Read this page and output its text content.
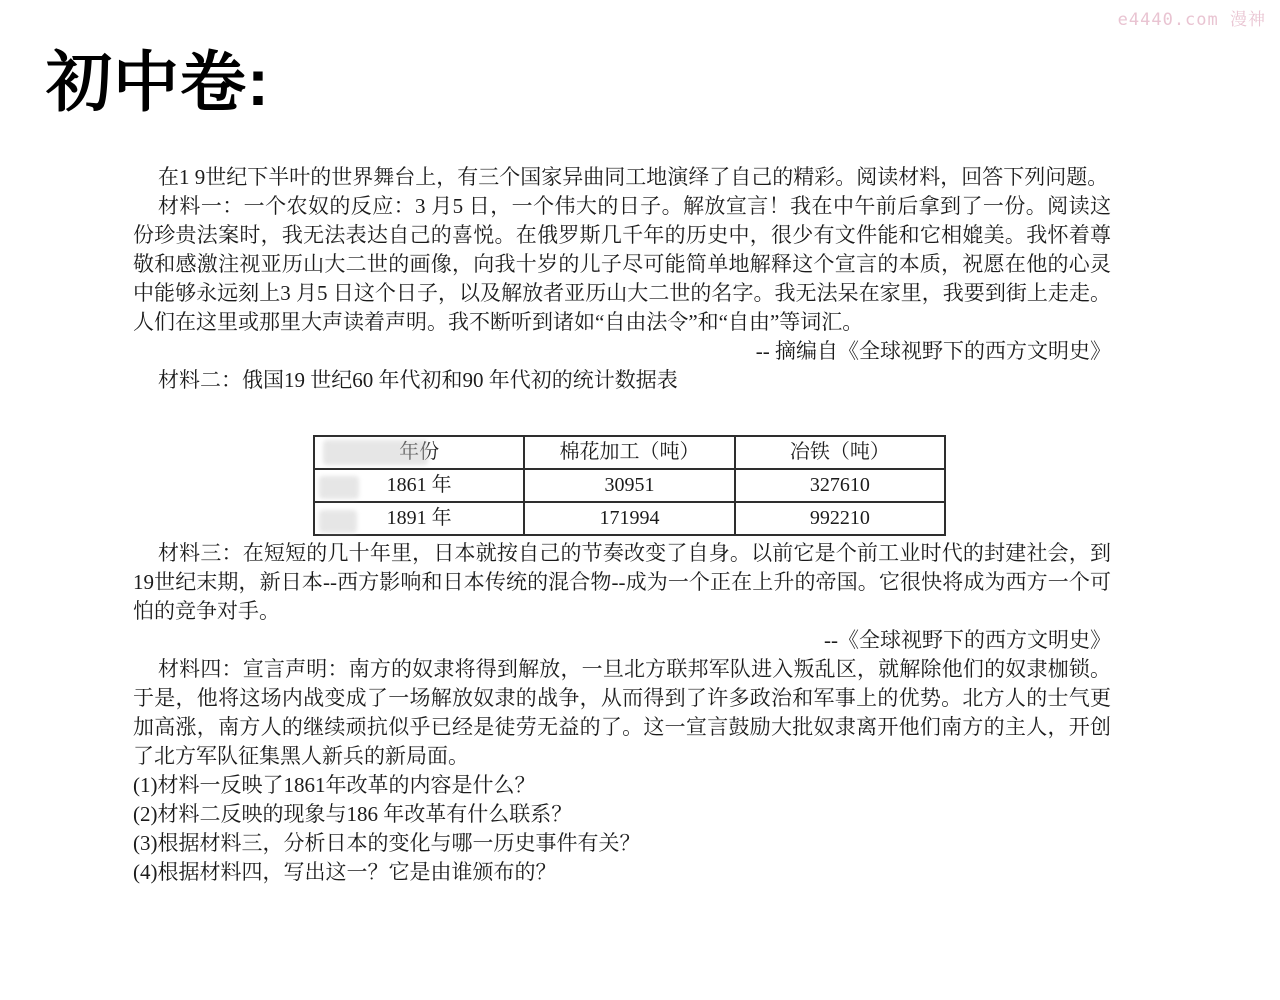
e4440.com 漫神
初中卷:

在1 9世纪下半叶的世界舞台上，有三个国家异曲同工地演绎了自己的精彩。阅读材料，回答下列问题。

材料一：一个农奴的反应：3 月5 日，一个伟大的日子。解放宣言！我在中午前后拿到了一份。阅读这份珍贵法案时，我无法表达自己的喜悦。在俄罗斯几千年的历史中，很少有文件能和它相媲美。我怀着尊敬和感激注视亚历山大二世的画像，向我十岁的儿子尽可能简单地解释这个宣言的本质，祝愿在他的心灵中能够永远刻上3 月5 日这个日子，以及解放者亚历山大二世的名字。我无法呆在家里，我要到街上走走。人们在这里或那里大声读着声明。我不断听到诸如“自由法令”和“自由”等词汇。

-- 摘编自《全球视野下的西方文明史》

材料二：俄国19 世纪60 年代初和90 年代初的统计数据表

年份	棉花加工（吨）	冶铁（吨）
1861 年	30951	327610
1891 年	171994	992210

材料三：在短短的几十年里，日本就按自己的节奏改变了自身。以前它是个前工业时代的封建社会，到19世纪末期，新日本--西方影响和日本传统的混合物--成为一个正在上升的帝国。它很快将成为西方一个可怕的竞争对手。

--《全球视野下的西方文明史》

材料四：宣言声明：南方的奴隶将得到解放，一旦北方联邦军队进入叛乱区，就解除他们的奴隶枷锁。于是，他将这场内战变成了一场解放奴隶的战争，从而得到了许多政治和军事上的优势。北方人的士气更加高涨，南方人的继续顽抗似乎已经是徒劳无益的了。这一宣言鼓励大批奴隶离开他们南方的主人，开创了北方军队征集黑人新兵的新局面。

(1)材料一反映了1861年改革的内容是什么？

(2)材料二反映的现象与186 年改革有什么联系？

(3)根据材料三，分析日本的变化与哪一历史事件有关？

(4)根据材料四，写出这一？它是由谁颁布的？
